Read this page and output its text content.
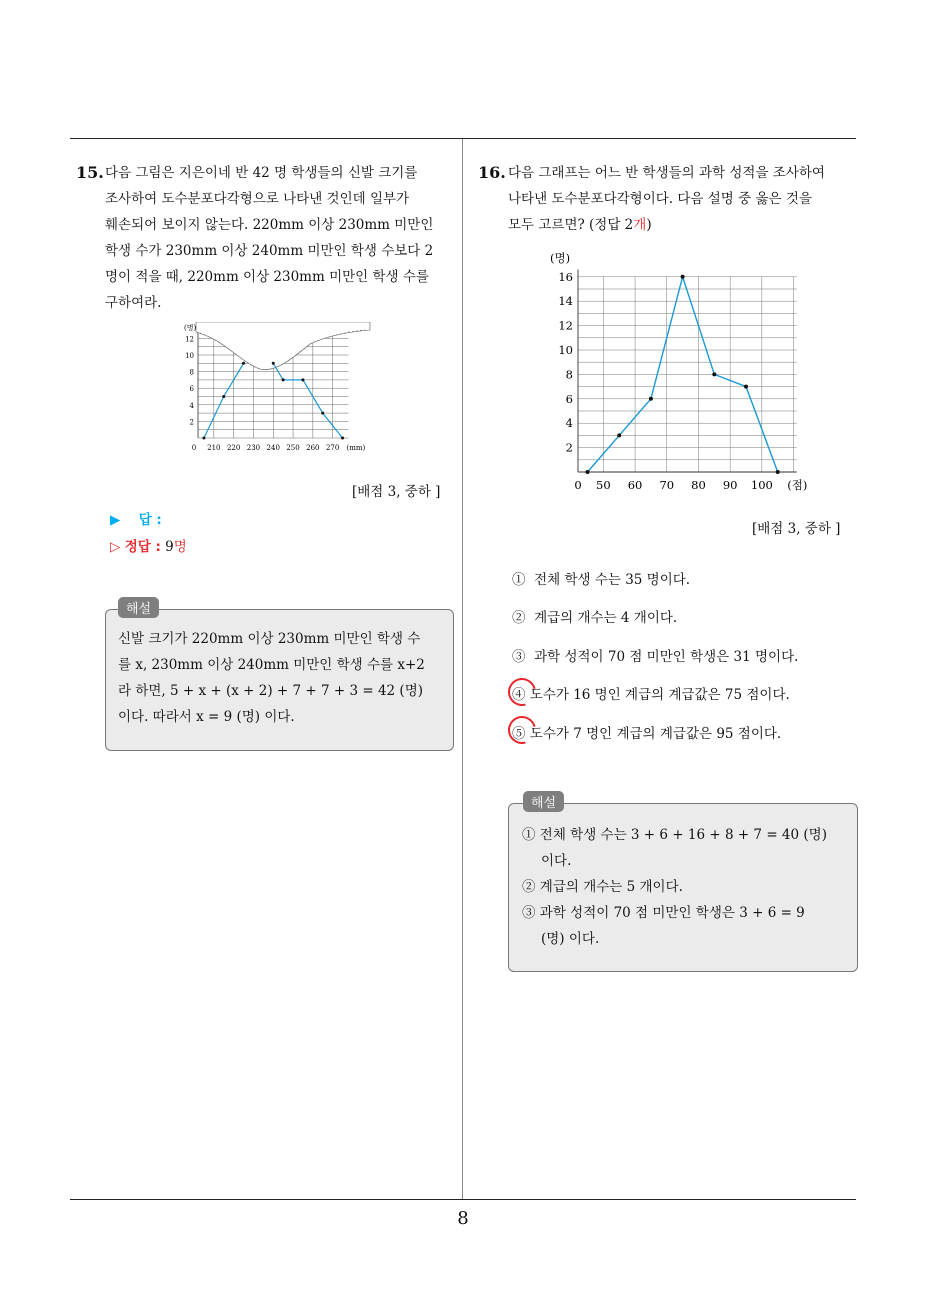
8
15. 다음 그림은 지은이네 반 42 명 학생들의 신발 크기를
조사하여 도수분포다각형으로 나타낸 것인데 일부가
훼손되어 보이지 않는다. 220mm 이상 230mm 미만인
학생 수가 230mm 이상 240mm 미만인 학생 수보다 2
명이 적을 때, 220mm 이상 230mm 미만인 학생 수를
구하여라.
2
4
6
8
10
12
(명)
0 210 220 230 240 250 260 270 (mm)
[배점 3, 중하 ]
▶ 답 :
▷ 정답 : 9명
해설
신발 크기가 220mm 이상 230mm 미만인 학생 수
를 x, 230mm 이상 240mm 미만인 학생 수를 x+2
라 하면, 5 + x + (x + 2) + 7 + 7 + 3 = 42 (명)
이다. 따라서 x = 9 (명) 이다.
16. 다음 그래프는 어느 반 학생들의 과학 성적을 조사하여
나타낸 도수분포다각형이다. 다음 설명 중 옳은 것을
모두 고르면? (정답 2개)
2
4
6
8
10
12
14
16
(명)
0 50 60 70 80 90 100 (점)
[배점 3, 중하 ]
① 전체 학생 수는 35 명이다.
② 계급의 개수는 4 개이다.
③ 과학 성적이 70 점 미만인 학생은 31 명이다.
④ 도수가 16 명인 계급의 계급값은 75 점이다.
⑤ 도수가 7 명인 계급의 계급값은 95 점이다.
해설
① 전체 학생 수는 3 + 6 + 16 + 8 + 7 = 40 (명)
이다.
② 계급의 개수는 5 개이다.
③ 과학 성적이 70 점 미만인 학생은 3 + 6 = 9
(명) 이다.
